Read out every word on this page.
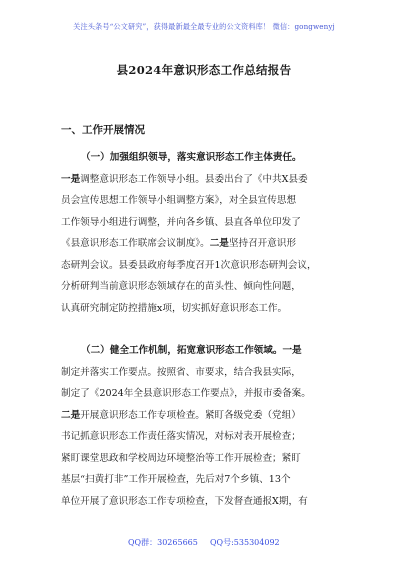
关注头条号“公文研究”，获得最新最全最专业的公文资料库！ 微信：gongwenyj
县2024年意识形态工作总结报告
一、工作开展情况
（一）加强组织领导，落实意识形态工作主体责任。
一是调整意识形态工作领导小组。县委出台了《中共X县委
员会宣传思想工作领导小组调整方案》，对全县宣传思想
工作领导小组进行调整，并向各乡镇、县直各单位印发了
《县意识形态工作联席会议制度》。二是坚持召开意识形
态研判会议。县委县政府每季度召开1次意识形态研判会议，
分析研判当前意识形态领域存在的苗头性、倾向性问题，
认真研究制定防控措施x项，切实抓好意识形态工作。
（二）健全工作机制，拓宽意识形态工作领域。一是
制定并落实工作要点。按照省、市要求，结合我县实际，
制定了《2024年全县意识形态工作要点》，并报市委备案。
二是开展意识形态工作专项检查。紧盯各级党委（党组）
书记抓意识形态工作责任落实情况，对标对表开展检查；
紧盯课堂思政和学校周边环境整治等工作开展检查；紧盯
基层“扫黄打非”工作开展检查，先后对7个乡镇、13个
单位开展了意识形态工作专项检查，下发督查通报X期，有
QQ群：30265665 QQ号:535304092
